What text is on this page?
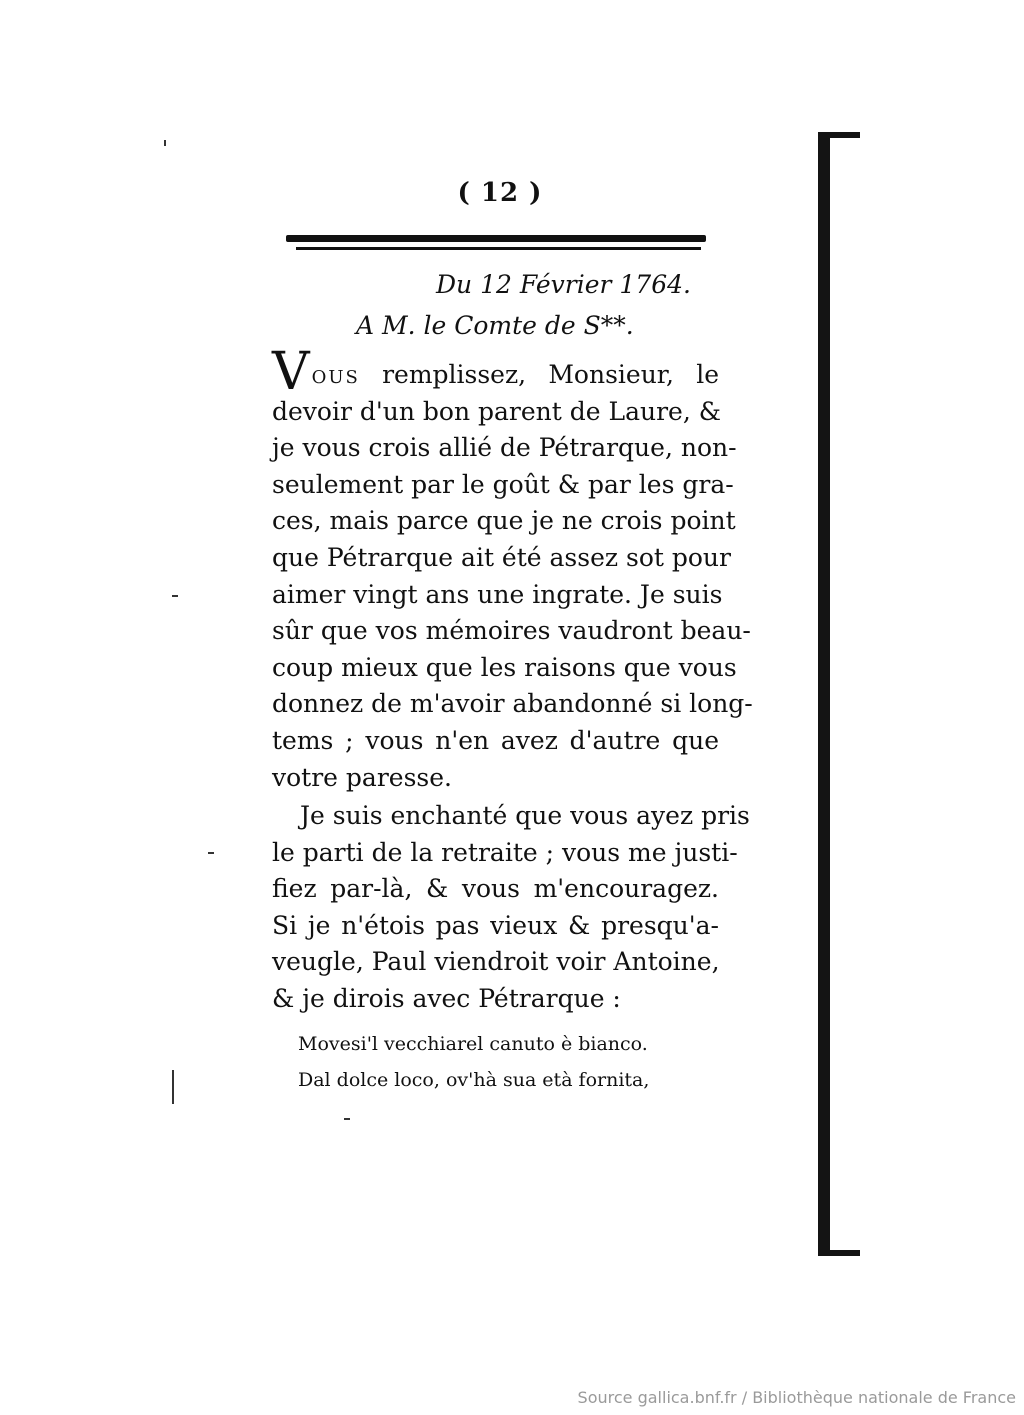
( 12 )
Du 12 Février 1764.
A M. le Comte de S**.
Vous remplissez, Monsieur, le
devoir d'un bon parent de Laure, &
je vous crois allié de Pétrarque, non-
seulement par le goût & par les gra-
ces, mais parce que je ne crois point
que Pétrarque ait été assez sot pour
aimer vingt ans une ingrate. Je suis
sûr que vos mémoires vaudront beau-
coup mieux que les raisons que vous
donnez de m'avoir abandonné si long-
tems ; vous n'en avez d'autre que
votre paresse.
Je suis enchanté que vous ayez pris
le parti de la retraite ; vous me justi-
fiez par-là, & vous m'encouragez.
Si je n'étois pas vieux & presqu'a-
veugle, Paul viendroit voir Antoine,
& je dirois avec Pétrarque :
Movesi'l vecchiarel canuto è bianco.
Dal dolce loco, ov'hà sua età fornita,
Source gallica.bnf.fr / Bibliothèque nationale de France
